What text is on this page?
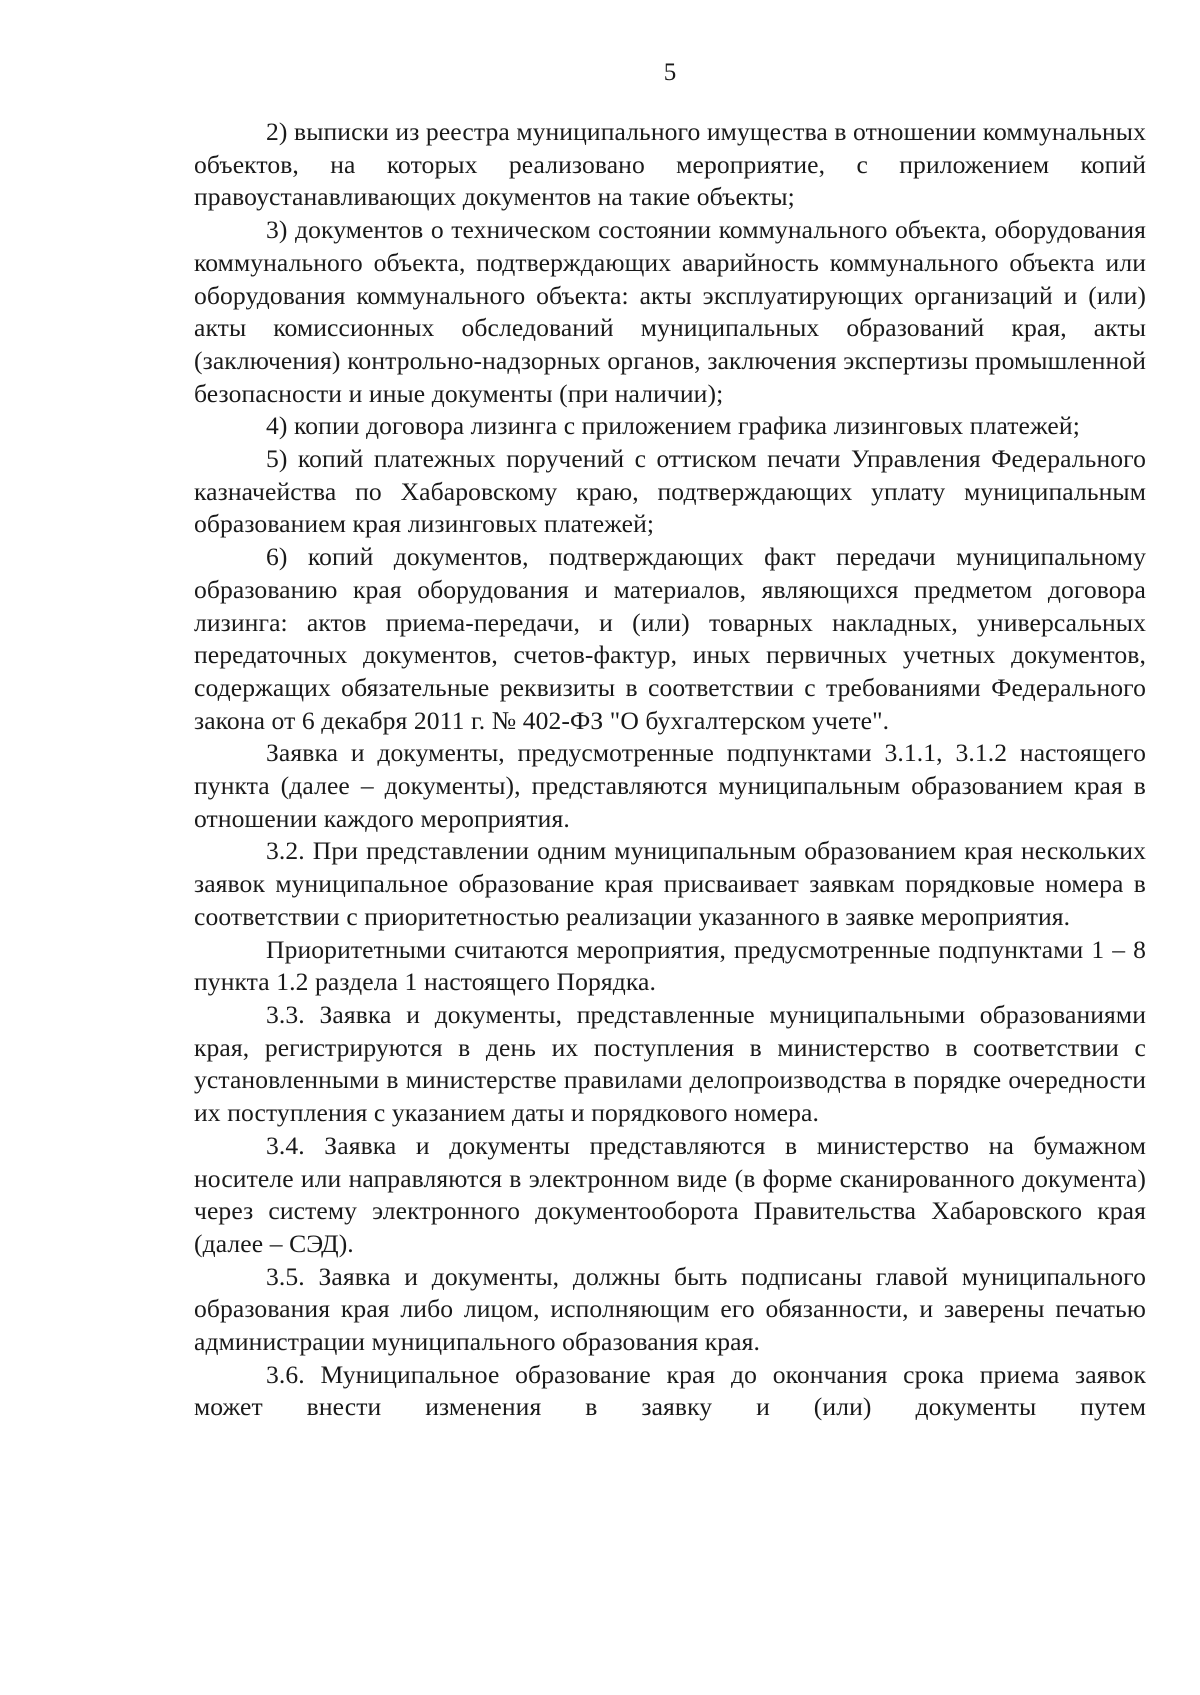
5

2) выписки из реестра муниципального имущества в отношении коммунальных объектов, на которых реализовано мероприятие, с приложением копий правоустанавливающих документов на такие объекты;

3) документов о техническом состоянии коммунального объекта, оборудования коммунального объекта, подтверждающих аварийность коммунального объекта или оборудования коммунального объекта: акты эксплуатирующих организаций и (или) акты комиссионных обследований муниципальных образований края, акты (заключения) контрольно-надзорных органов, заключения экспертизы промышленной безопасности и иные документы (при наличии);

4) копии договора лизинга с приложением графика лизинговых платежей;

5) копий платежных поручений с оттиском печати Управления Федерального казначейства по Хабаровскому краю, подтверждающих уплату муниципальным образованием края лизинговых платежей;

6) копий документов, подтверждающих факт передачи муниципальному образованию края оборудования и материалов, являющихся предметом договора лизинга: актов приема-передачи, и (или) товарных накладных, универсальных передаточных документов, счетов-фактур, иных первичных учетных документов, содержащих обязательные реквизиты в соответствии с требованиями Федерального закона от 6 декабря 2011 г. № 402-ФЗ "О бухгалтерском учете".

Заявка и документы, предусмотренные подпунктами 3.1.1, 3.1.2 настоящего пункта (далее – документы), представляются муниципальным образованием края в отношении каждого мероприятия.

3.2. При представлении одним муниципальным образованием края нескольких заявок муниципальное образование края присваивает заявкам порядковые номера в соответствии с приоритетностью реализации указанного в заявке мероприятия.

Приоритетными считаются мероприятия, предусмотренные подпунктами 1 – 8 пункта 1.2 раздела 1 настоящего Порядка.

3.3. Заявка и документы, представленные муниципальными образованиями края, регистрируются в день их поступления в министерство в соответствии с установленными в министерстве правилами делопроизводства в порядке очередности их поступления с указанием даты и порядкового номера.

3.4. Заявка и документы представляются в министерство на бумажном носителе или направляются в электронном виде (в форме сканированного документа) через систему электронного документооборота Правительства Хабаровского края (далее – СЭД).

3.5. Заявка и документы, должны быть подписаны главой муниципального образования края либо лицом, исполняющим его обязанности, и заверены печатью администрации муниципального образования края.

3.6. Муниципальное образование края до окончания срока приема заявок может внести изменения в заявку и (или) документы путем
